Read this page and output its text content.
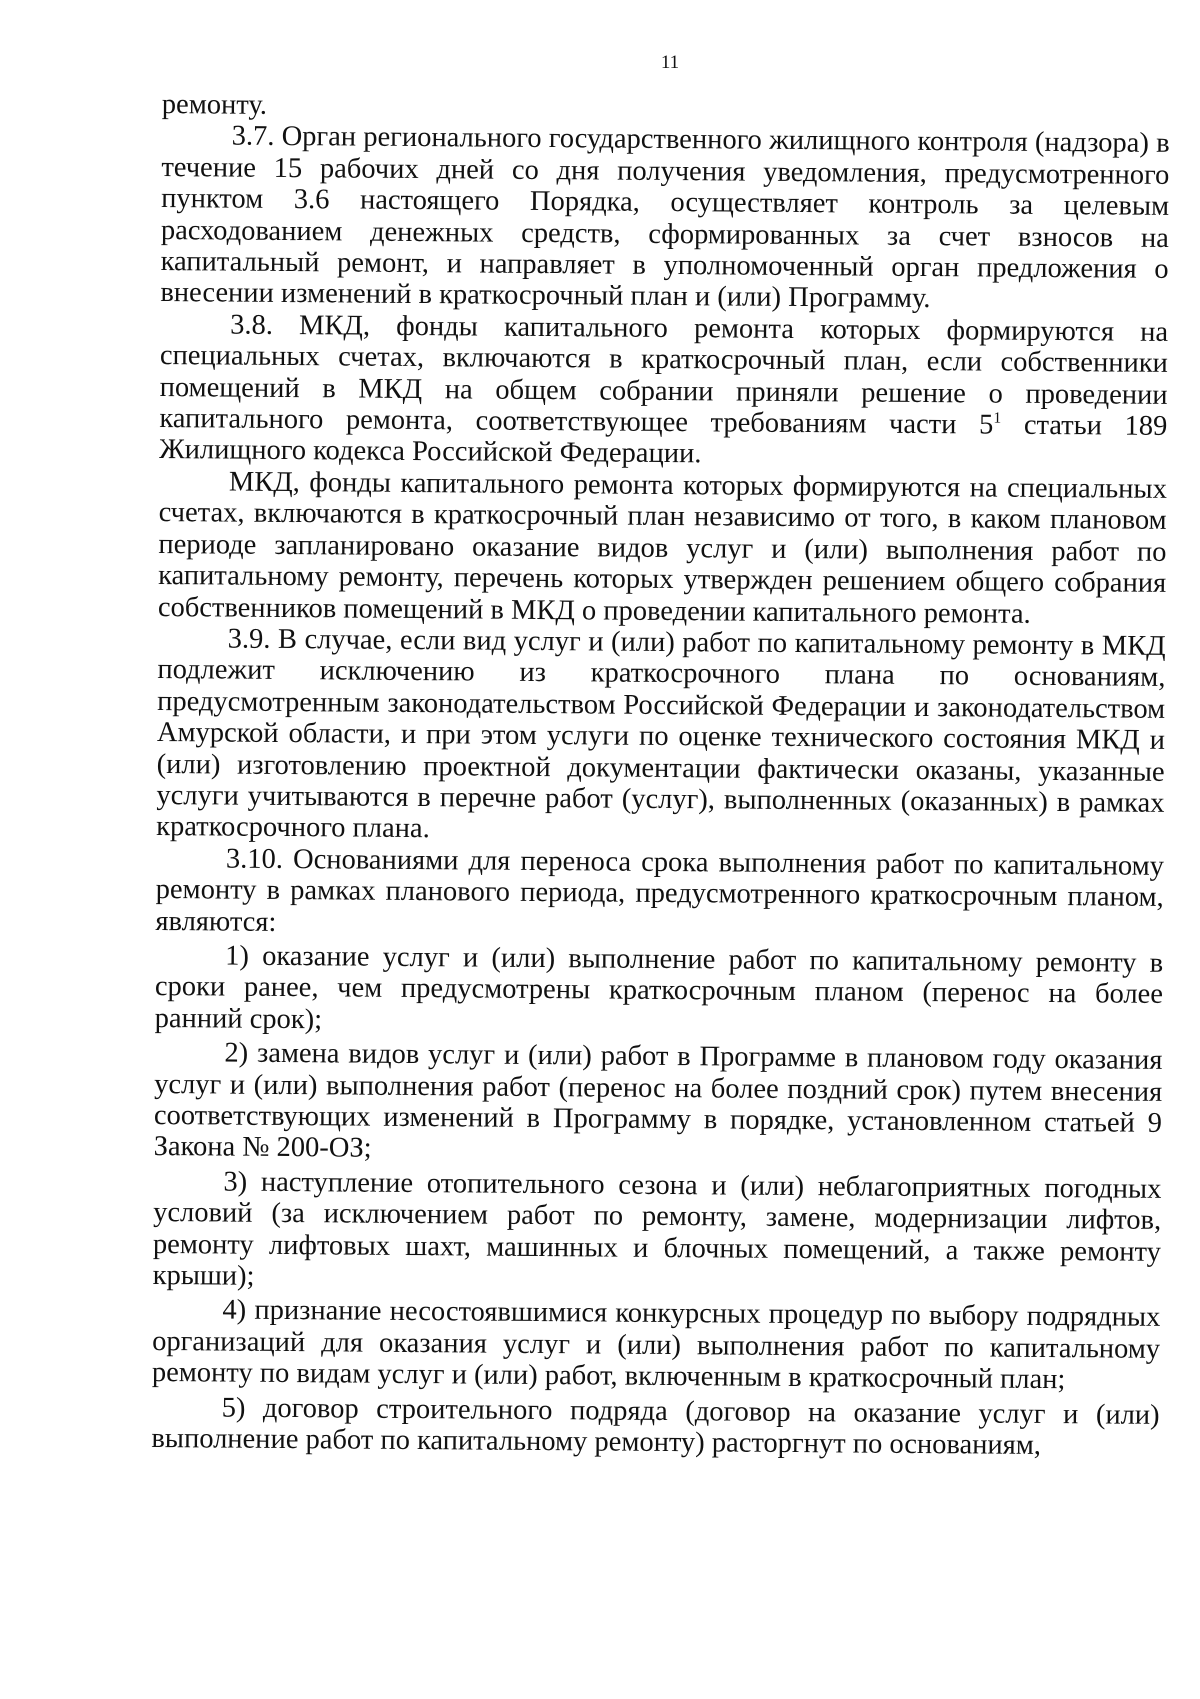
11

ремонту.

3.7. Орган регионального государственного жилищного контроля (надзора) в течение 15 рабочих дней со дня получения уведомления, предусмотренного пунктом 3.6 настоящего Порядка, осуществляет контроль за целевым расходованием денежных средств, сформированных за счет взносов на капитальный ремонт, и направляет в уполномоченный орган предложения о внесении изменений в краткосрочный план и (или) Программу.

3.8. МКД, фонды капитального ремонта которых формируются на специальных счетах, включаются в краткосрочный план, если собственники помещений в МКД на общем собрании приняли решение о проведении капитального ремонта, соответствующее требованиям части $5^1$ статьи 189 Жилищного кодекса Российской Федерации.

МКД, фонды капитального ремонта которых формируются на специальных счетах, включаются в краткосрочный план независимо от того, в каком плановом периоде запланировано оказание видов услуг и (или) выполнения работ по капитальному ремонту, перечень которых утвержден решением общего собрания собственников помещений в МКД о проведении капитального ремонта.

3.9. В случае, если вид услуг и (или) работ по капитальному ремонту в МКД подлежит исключению из краткосрочного плана по основаниям, предусмотренным законодательством Российской Федерации и законодательством Амурской области, и при этом услуги по оценке технического состояния МКД и (или) изготовлению проектной документации фактически оказаны, указанные услуги учитываются в перечне работ (услуг), выполненных (оказанных) в рамках краткосрочного плана.

3.10. Основаниями для переноса срока выполнения работ по капитальному ремонту в рамках планового периода, предусмотренного краткосрочным планом, являются:

1) оказание услуг и (или) выполнение работ по капитальному ремонту в сроки ранее, чем предусмотрены краткосрочным планом (перенос на более ранний срок);

2) замена видов услуг и (или) работ в Программе в плановом году оказания услуг и (или) выполнения работ (перенос на более поздний срок) путем внесения соответствующих изменений в Программу в порядке, установленном статьей 9 Закона № 200-ОЗ;

3) наступление отопительного сезона и (или) неблагоприятных погодных условий (за исключением работ по ремонту, замене, модернизации лифтов, ремонту лифтовых шахт, машинных и блочных помещений, а также ремонту крыши);

4) признание несостоявшимися конкурсных процедур по выбору подрядных организаций для оказания услуг и (или) выполнения работ по капитальному ремонту по видам услуг и (или) работ, включенным в краткосрочный план;

5) договор строительного подряда (договор на оказание услуг и (или) выполнение работ по капитальному ремонту) расторгнут по основаниям,
